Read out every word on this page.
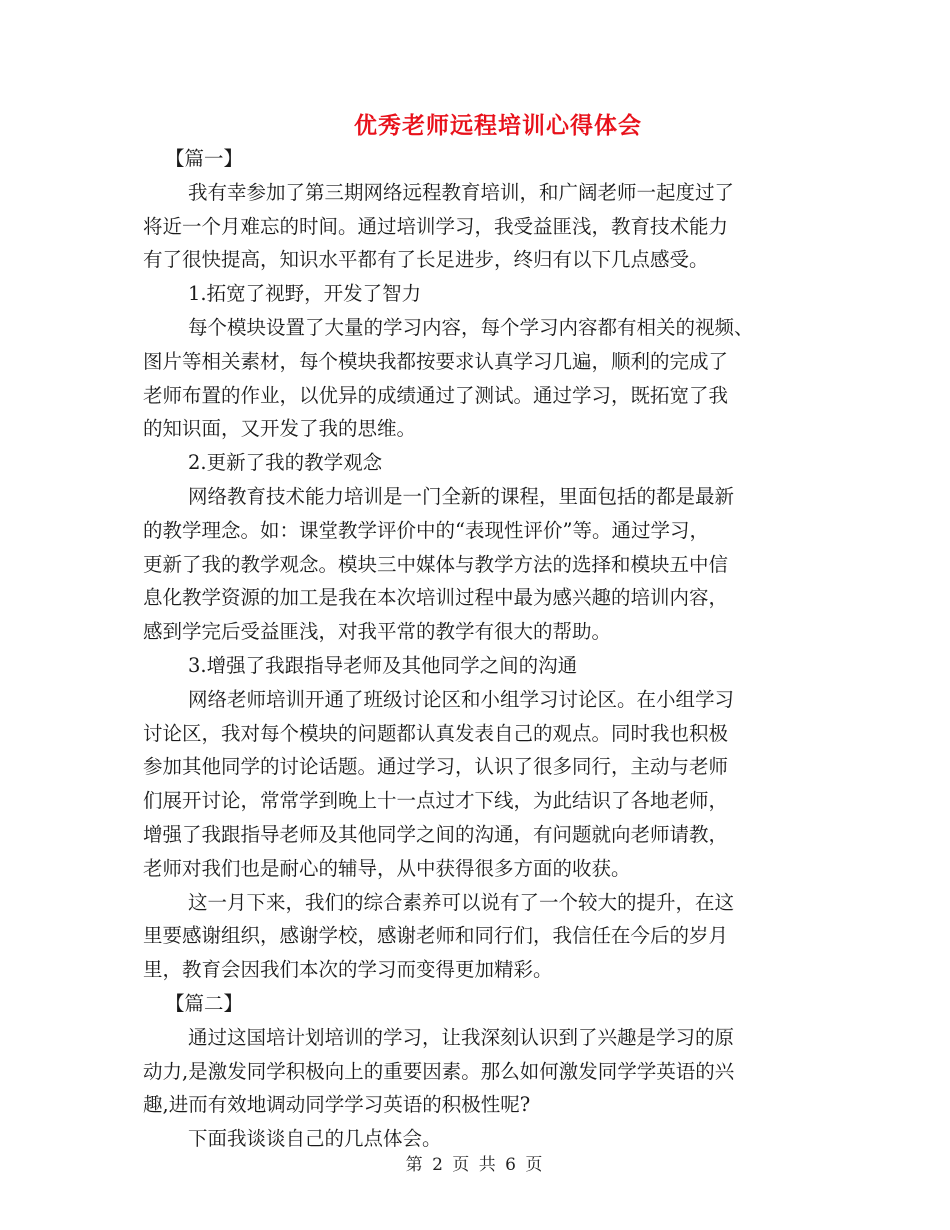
优秀老师远程培训心得体会
【篇一】
我有幸参加了第三期网络远程教育培训，和广阔老师一起度过了
将近一个月难忘的时间。通过培训学习，我受益匪浅，教育技术能力
有了很快提高，知识水平都有了长足进步，终归有以下几点感受。
1.拓宽了视野，开发了智力
每个模块设置了大量的学习内容，每个学习内容都有相关的视频、
图片等相关素材，每个模块我都按要求认真学习几遍，顺利的完成了
老师布置的作业，以优异的成绩通过了测试。通过学习，既拓宽了我
的知识面，又开发了我的思维。
2.更新了我的教学观念
网络教育技术能力培训是一门全新的课程，里面包括的都是最新
的教学理念。如：课堂教学评价中的“表现性评价”等。通过学习，
更新了我的教学观念。模块三中媒体与教学方法的选择和模块五中信
息化教学资源的加工是我在本次培训过程中最为感兴趣的培训内容，
感到学完后受益匪浅，对我平常的教学有很大的帮助。
3.增强了我跟指导老师及其他同学之间的沟通
网络老师培训开通了班级讨论区和小组学习讨论区。在小组学习
讨论区，我对每个模块的问题都认真发表自己的观点。同时我也积极
参加其他同学的讨论话题。通过学习，认识了很多同行，主动与老师
们展开讨论，常常学到晚上十一点过才下线，为此结识了各地老师，
增强了我跟指导老师及其他同学之间的沟通，有问题就向老师请教，
老师对我们也是耐心的辅导，从中获得很多方面的收获。
这一月下来，我们的综合素养可以说有了一个较大的提升，在这
里要感谢组织，感谢学校，感谢老师和同行们，我信任在今后的岁月
里，教育会因我们本次的学习而变得更加精彩。
【篇二】
通过这国培计划培训的学习，让我深刻认识到了兴趣是学习的原
动力,是激发同学积极向上的重要因素。那么如何激发同学学英语的兴
趣,进而有效地调动同学学习英语的积极性呢?
下面我谈谈自己的几点体会。
第 2 页 共 6 页
